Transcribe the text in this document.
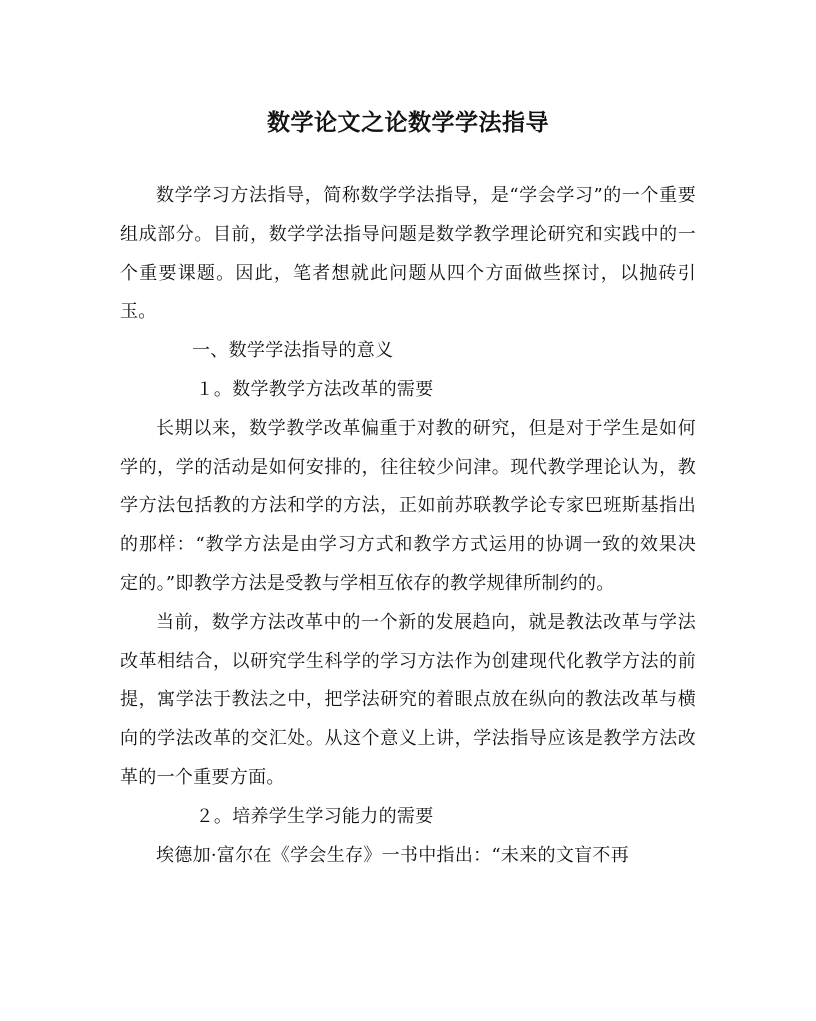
数学论文之论数学学法指导

数学学习方法指导，简称数学学法指导，是“学会学习”的一个重要组成部分。目前，数学学法指导问题是数学教学理论研究和实践中的一个重要课题。因此，笔者想就此问题从四个方面做些探讨，以抛砖引玉。

一、数学学法指导的意义

１。数学教学方法改革的需要

长期以来，数学教学改革偏重于对教的研究，但是对于学生是如何学的，学的活动是如何安排的，往往较少问津。现代教学理论认为，教学方法包括教的方法和学的方法，正如前苏联教学论专家巴班斯基指出的那样：“教学方法是由学习方式和教学方式运用的协调一致的效果决定的。”即教学方法是受教与学相互依存的教学规律所制约的。

当前，数学方法改革中的一个新的发展趋向，就是教法改革与学法改革相结合，以研究学生科学的学习方法作为创建现代化教学方法的前提，寓学法于教法之中，把学法研究的着眼点放在纵向的教法改革与横向的学法改革的交汇处。从这个意义上讲，学法指导应该是教学方法改革的一个重要方面。

２。培养学生学习能力的需要

埃德加·富尔在《学会生存》一书中指出：“未来的文盲不再
